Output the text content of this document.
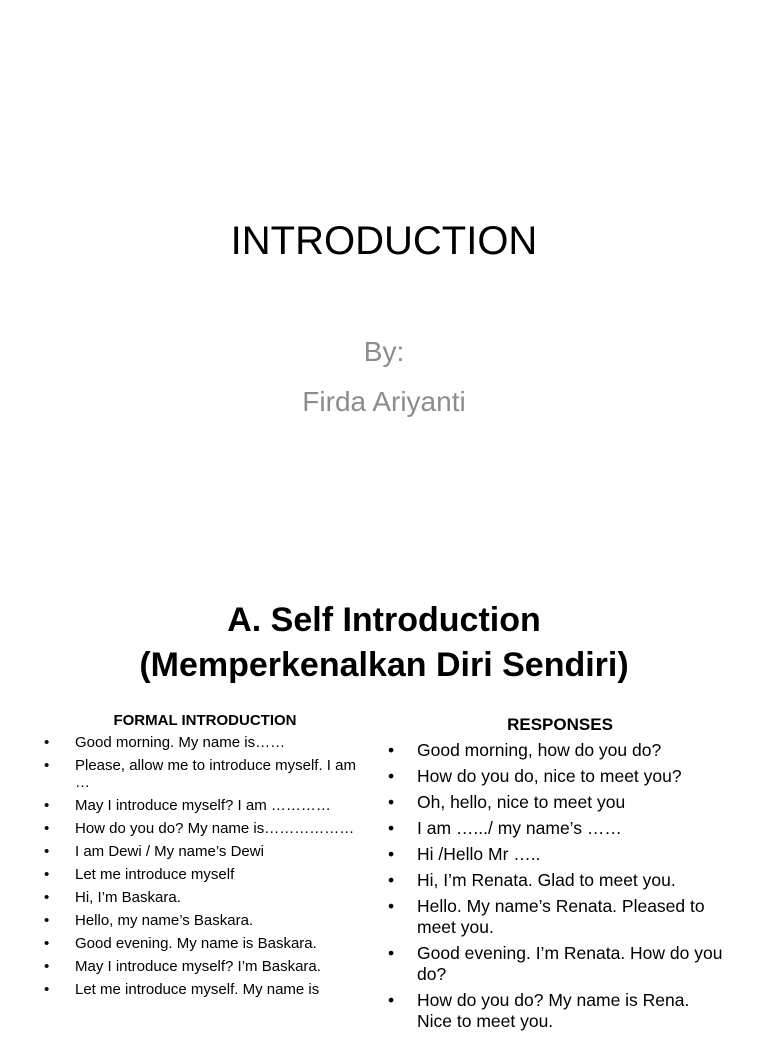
INTRODUCTION
By:
Firda Ariyanti
A. Self Introduction
(Memperkenalkan Diri Sendiri)
FORMAL INTRODUCTION
• Good morning. My name is……
• Please, allow me to introduce myself. I am …
• May I introduce myself? I am …………
• How do you do? My name is………………
• I am Dewi / My name’s Dewi
• Let me introduce myself
• Hi, I’m Baskara.
• Hello, my name’s Baskara.
• Good evening. My name is Baskara.
• May I introduce myself? I’m Baskara.
• Let me introduce myself. My name is
RESPONSES
• Good morning, how do you do?
• How do you do, nice to meet you?
• Oh, hello, nice to meet you
• I am ….../ my name’s ……
• Hi /Hello Mr …..
• Hi, I’m Renata. Glad to meet you.
• Hello. My name’s Renata. Pleased to meet you.
• Good evening. I’m Renata. How do you do?
• How do you do? My name is Rena. Nice to meet you.
